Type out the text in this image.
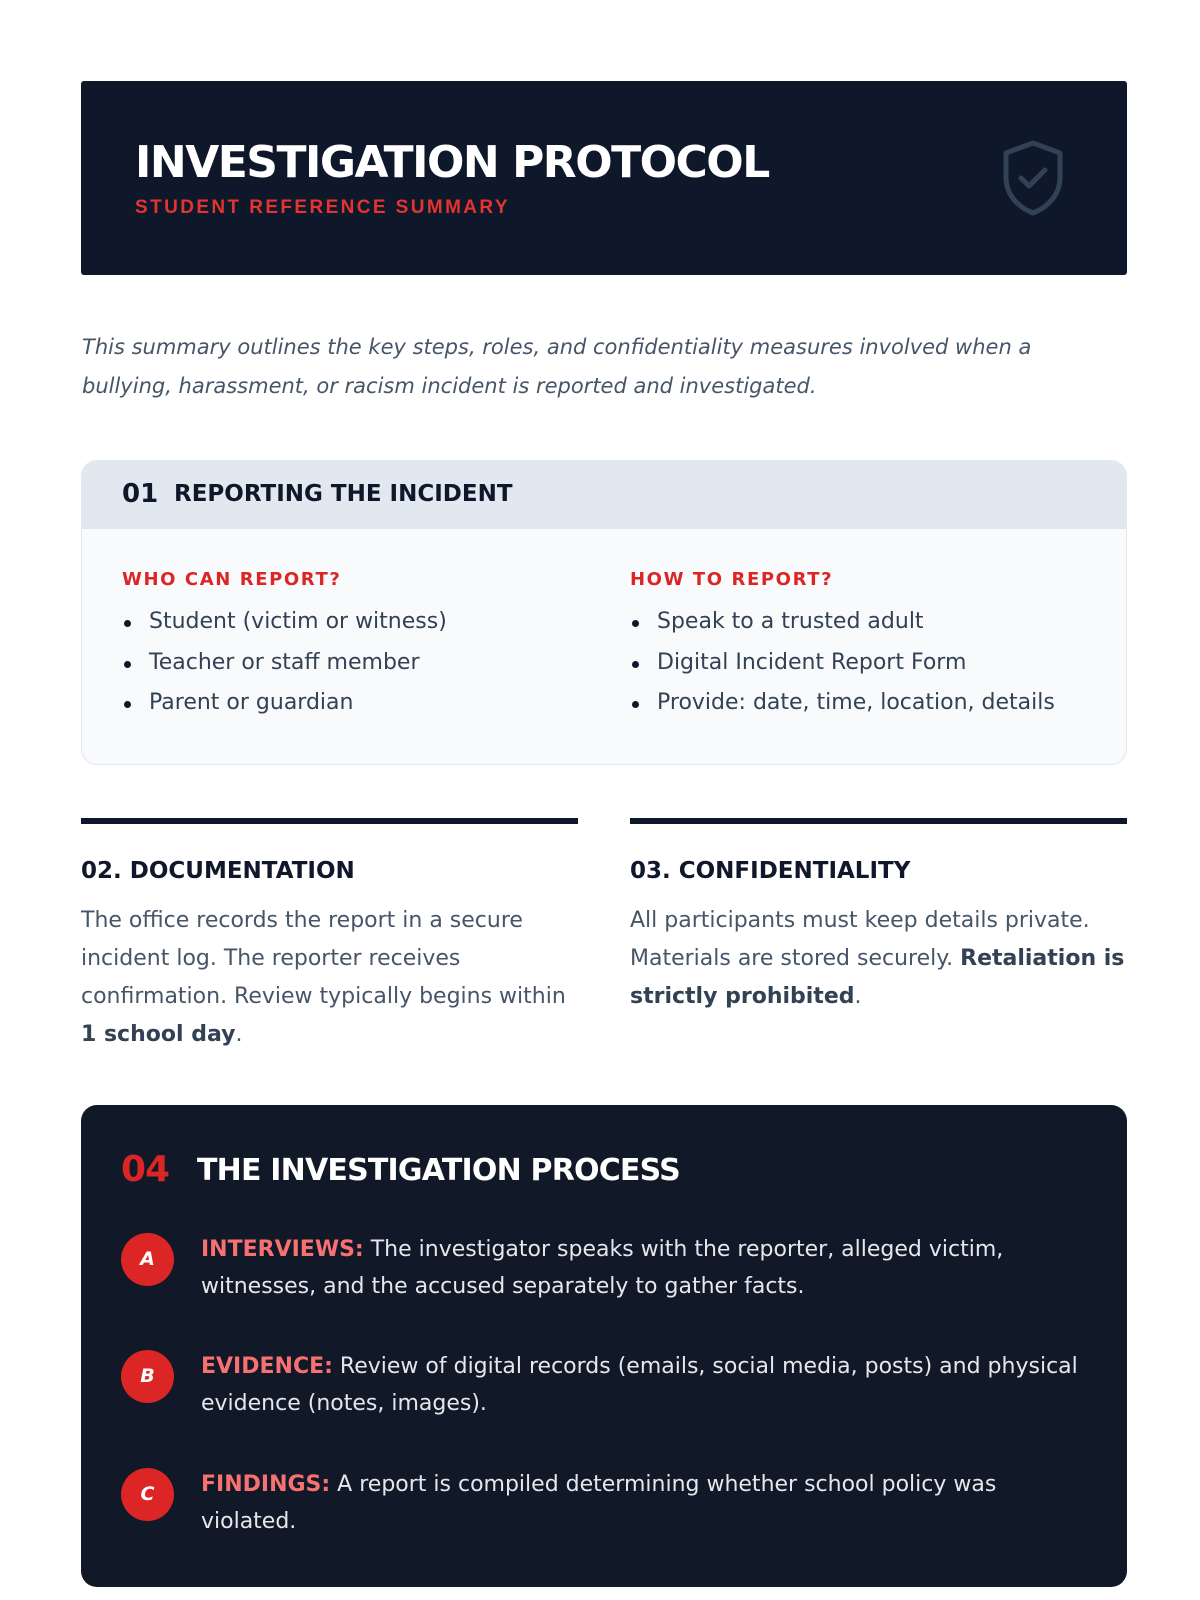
INVESTIGATION PROTOCOL
STUDENT REFERENCE SUMMARY
This summary outlines the key steps, roles, and confidentiality measures involved when a bullying, harassment, or racism incident is reported and investigated.
01 REPORTING THE INCIDENT
WHO CAN REPORT?
Student (victim or witness)
Teacher or staff member
Parent or guardian
HOW TO REPORT?
Speak to a trusted adult
Digital Incident Report Form
Provide: date, time, location, details
02. DOCUMENTATION

The office records the report in a secure incident log. The reporter receives confirmation. Review typically begins within 1 school day.

03. CONFIDENTIALITY

All participants must keep details private. Materials are stored securely. Retaliation is strictly prohibited.

04 THE INVESTIGATION PROCESS
A	INTERVIEWS: The investigator speaks with the reporter, alleged victim, witnesses, and the accused separately to gather facts.
B	EVIDENCE: Review of digital records (emails, social media, posts) and physical evidence (notes, images).
C	FINDINGS: A report is compiled determining whether school policy was violated.
